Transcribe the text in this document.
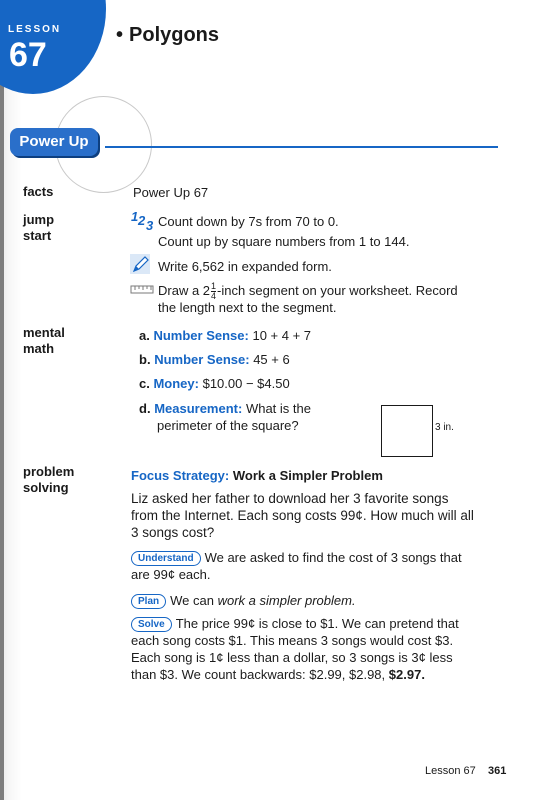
LESSON
67
• Polygons
Power Up
facts	Power Up 67
jump
start
1 2 3 Count down by 7s from 70 to 0.
Count up by square numbers from 1 to 144.
Write 6,562 in expanded form.
Draw a $2 \frac{1}{4}$ -inch segment on your worksheet. Record
the length next to the segment.
mental
math
a. Number Sense: 10 + 4 + 7
b. Number Sense: 45 + 6
c. Money: $10.00 − $4.50
d. Measurement: What is the
perimeter of the square?	3 in.
problem
solving
Focus Strategy: Work a Simpler Problem
Liz asked her father to download her 3 favorite songs
from the Internet. Each song costs 99¢. How much will all
3 songs cost?
Understand We are asked to find the cost of 3 songs that
are 99¢ each.
Plan We can work a simpler problem.
Solve The price 99¢ is close to $1. We can pretend that
each song costs $1. This means 3 songs would cost $3.
Each song is 1¢ less than a dollar, so 3 songs is 3¢ less
than $3. We count backwards: $2.99, $2.98, $2.97.
Lesson 67 361
